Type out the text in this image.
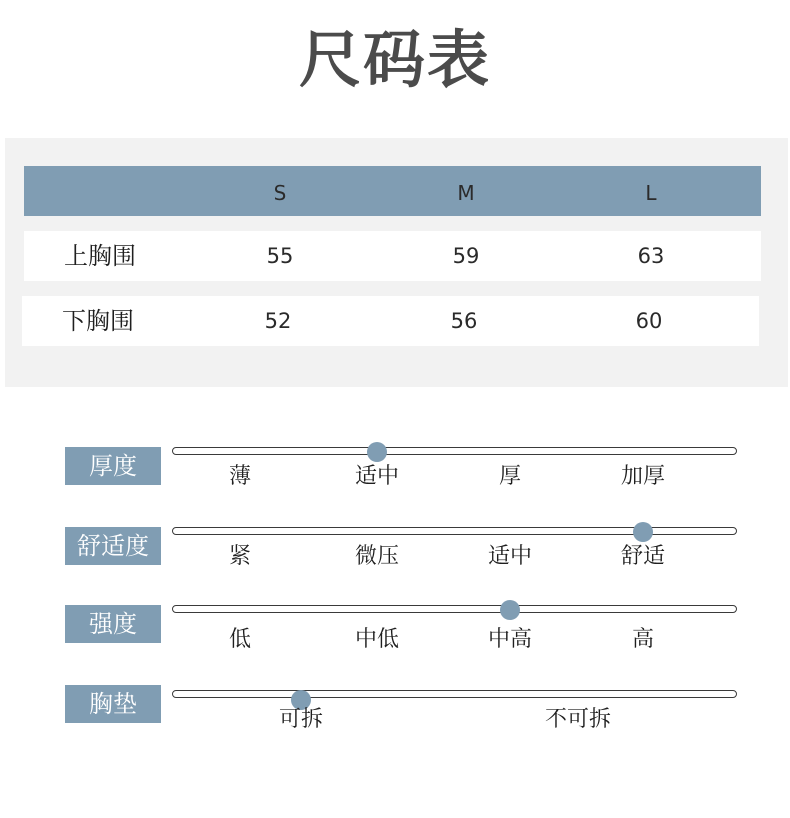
尺码表
S	M	L
上胸围	55	59	63
下胸围	52	56	60
厚度	薄	适中	厚	加厚
舒适度	紧	微压	适中	舒适
强度
低	中低	中高	高
胸垫
可拆	不可拆
